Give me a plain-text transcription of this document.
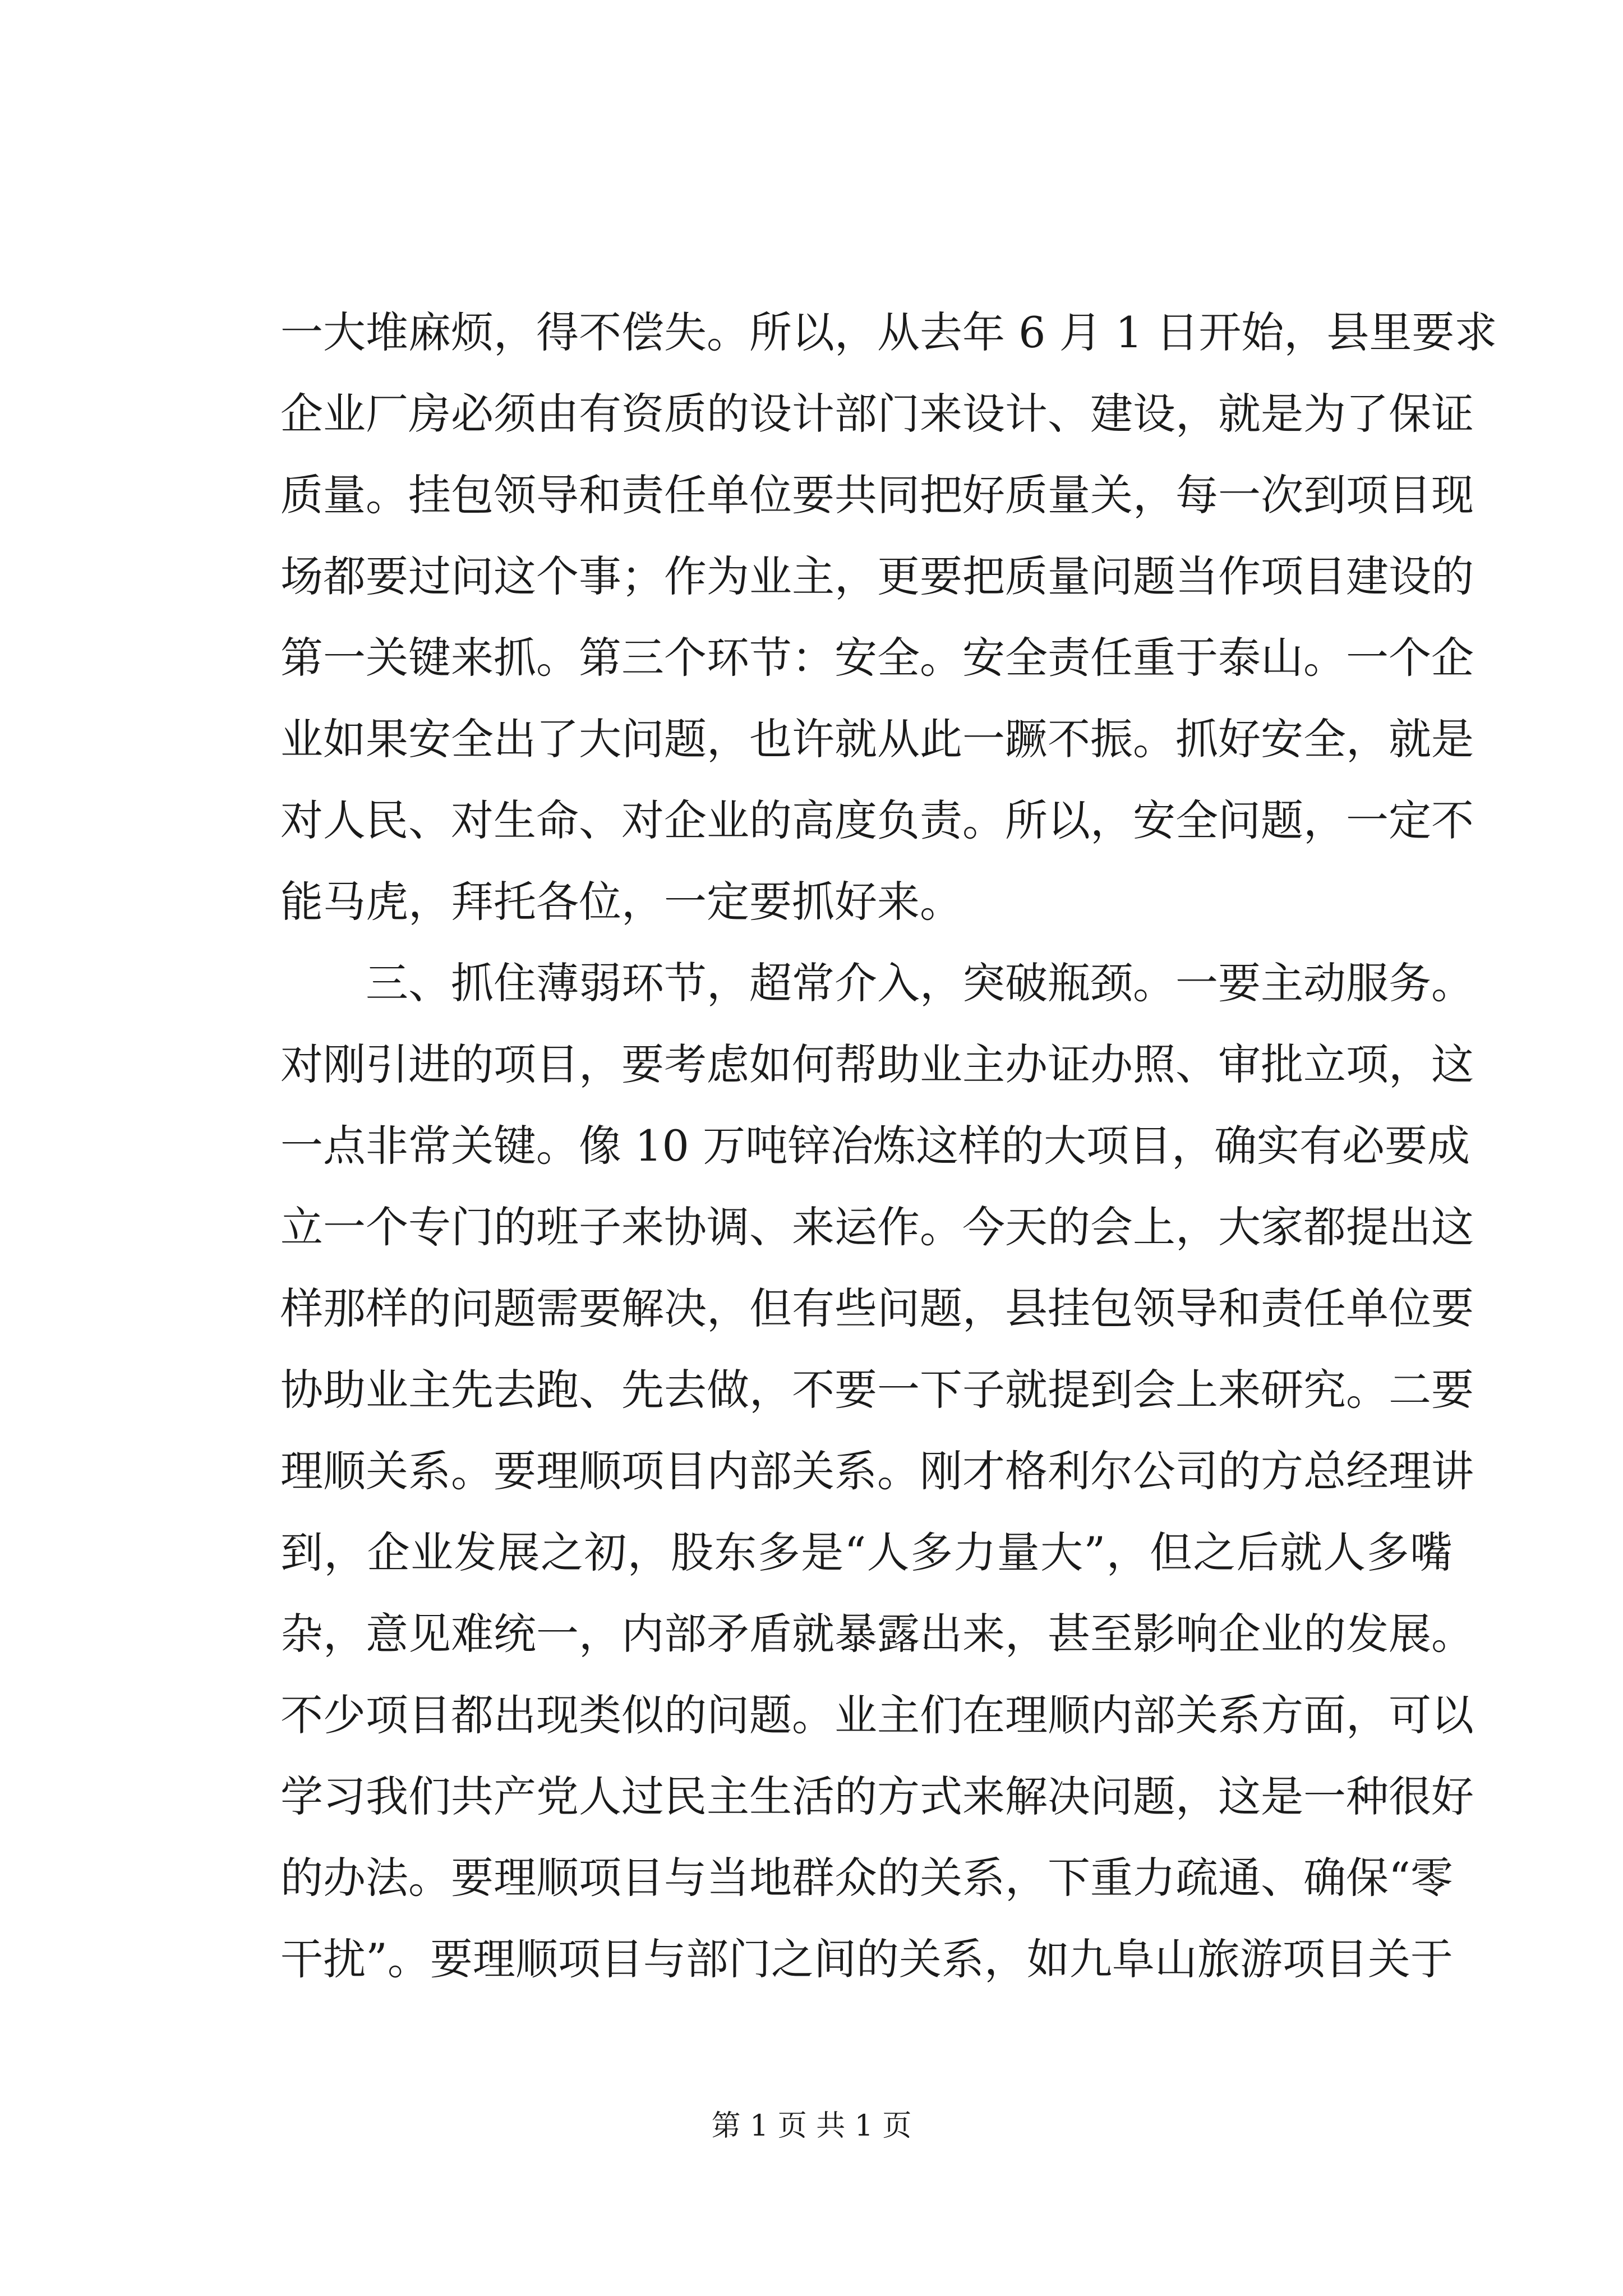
一大堆麻烦，得不偿失。所以，从去年 6 月 1 日开始，县里要求
企业厂房必须由有资质的设计部门来设计、建设，就是为了保证
质量。挂包领导和责任单位要共同把好质量关，每一次到项目现
场都要过问这个事；作为业主，更要把质量问题当作项目建设的
第一关键来抓。第三个环节：安全。安全责任重于泰山。一个企
业如果安全出了大问题，也许就从此一蹶不振。抓好安全，就是
对人民、对生命、对企业的高度负责。所以，安全问题，一定不
能马虎，拜托各位，一定要抓好来。
　　三、抓住薄弱环节，超常介入，突破瓶颈。一要主动服务。
对刚引进的项目，要考虑如何帮助业主办证办照、审批立项，这
一点非常关键。像 10 万吨锌冶炼这样的大项目，确实有必要成
立一个专门的班子来协调、来运作。今天的会上，大家都提出这
样那样的问题需要解决，但有些问题，县挂包领导和责任单位要
协助业主先去跑、先去做，不要一下子就提到会上来研究。二要
理顺关系。要理顺项目内部关系。刚才格利尔公司的方总经理讲
到，企业发展之初，股东多是“人多力量大”，但之后就人多嘴
杂，意见难统一，内部矛盾就暴露出来，甚至影响企业的发展。
不少项目都出现类似的问题。业主们在理顺内部关系方面，可以
学习我们共产党人过民主生活的方式来解决问题，这是一种很好
的办法。要理顺项目与当地群众的关系，下重力疏通、确保“零
干扰”。要理顺项目与部门之间的关系，如九阜山旅游项目关于
第 1 页 共 1 页
